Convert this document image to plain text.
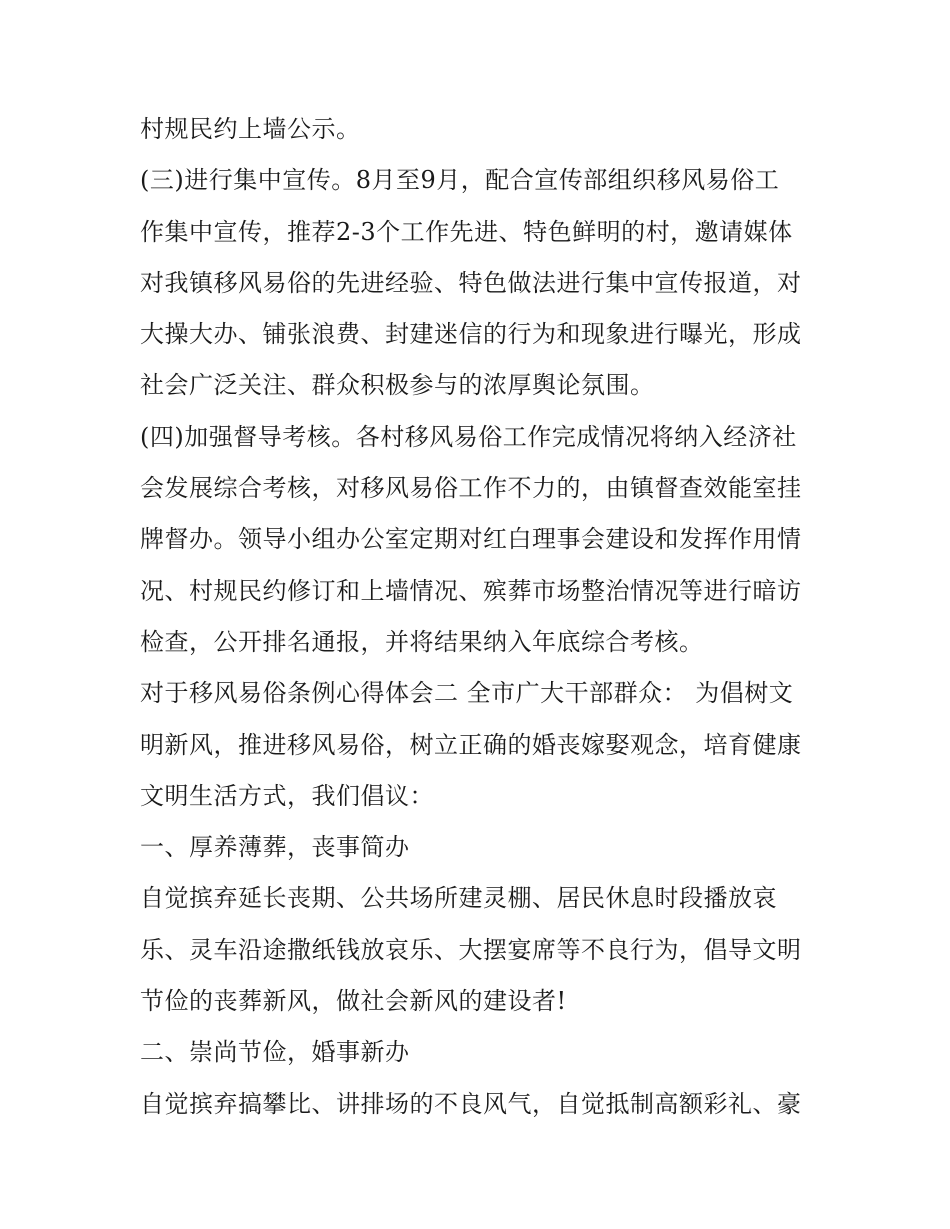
村规民约上墙公示。
(三)进行集中宣传。8月至9月，配合宣传部组织移风易俗工
作集中宣传，推荐2-3个工作先进、特色鲜明的村，邀请媒体
对我镇移风易俗的先进经验、特色做法进行集中宣传报道，对
大操大办、铺张浪费、封建迷信的行为和现象进行曝光，形成
社会广泛关注、群众积极参与的浓厚舆论氛围。
(四)加强督导考核。各村移风易俗工作完成情况将纳入经济社
会发展综合考核，对移风易俗工作不力的，由镇督查效能室挂
牌督办。领导小组办公室定期对红白理事会建设和发挥作用情
况、村规民约修订和上墙情况、殡葬市场整治情况等进行暗访
检查，公开排名通报，并将结果纳入年底综合考核。
对于移风易俗条例心得体会二 全市广大干部群众： 为倡树文
明新风，推进移风易俗，树立正确的婚丧嫁娶观念，培育健康
文明生活方式，我们倡议：
一、厚养薄葬，丧事简办
自觉摈弃延长丧期、公共场所建灵棚、居民休息时段播放哀
乐、灵车沿途撒纸钱放哀乐、大摆宴席等不良行为，倡导文明
节俭的丧葬新风，做社会新风的建设者!
二、崇尚节俭，婚事新办
自觉摈弃搞攀比、讲排场的不良风气，自觉抵制高额彩礼、豪
